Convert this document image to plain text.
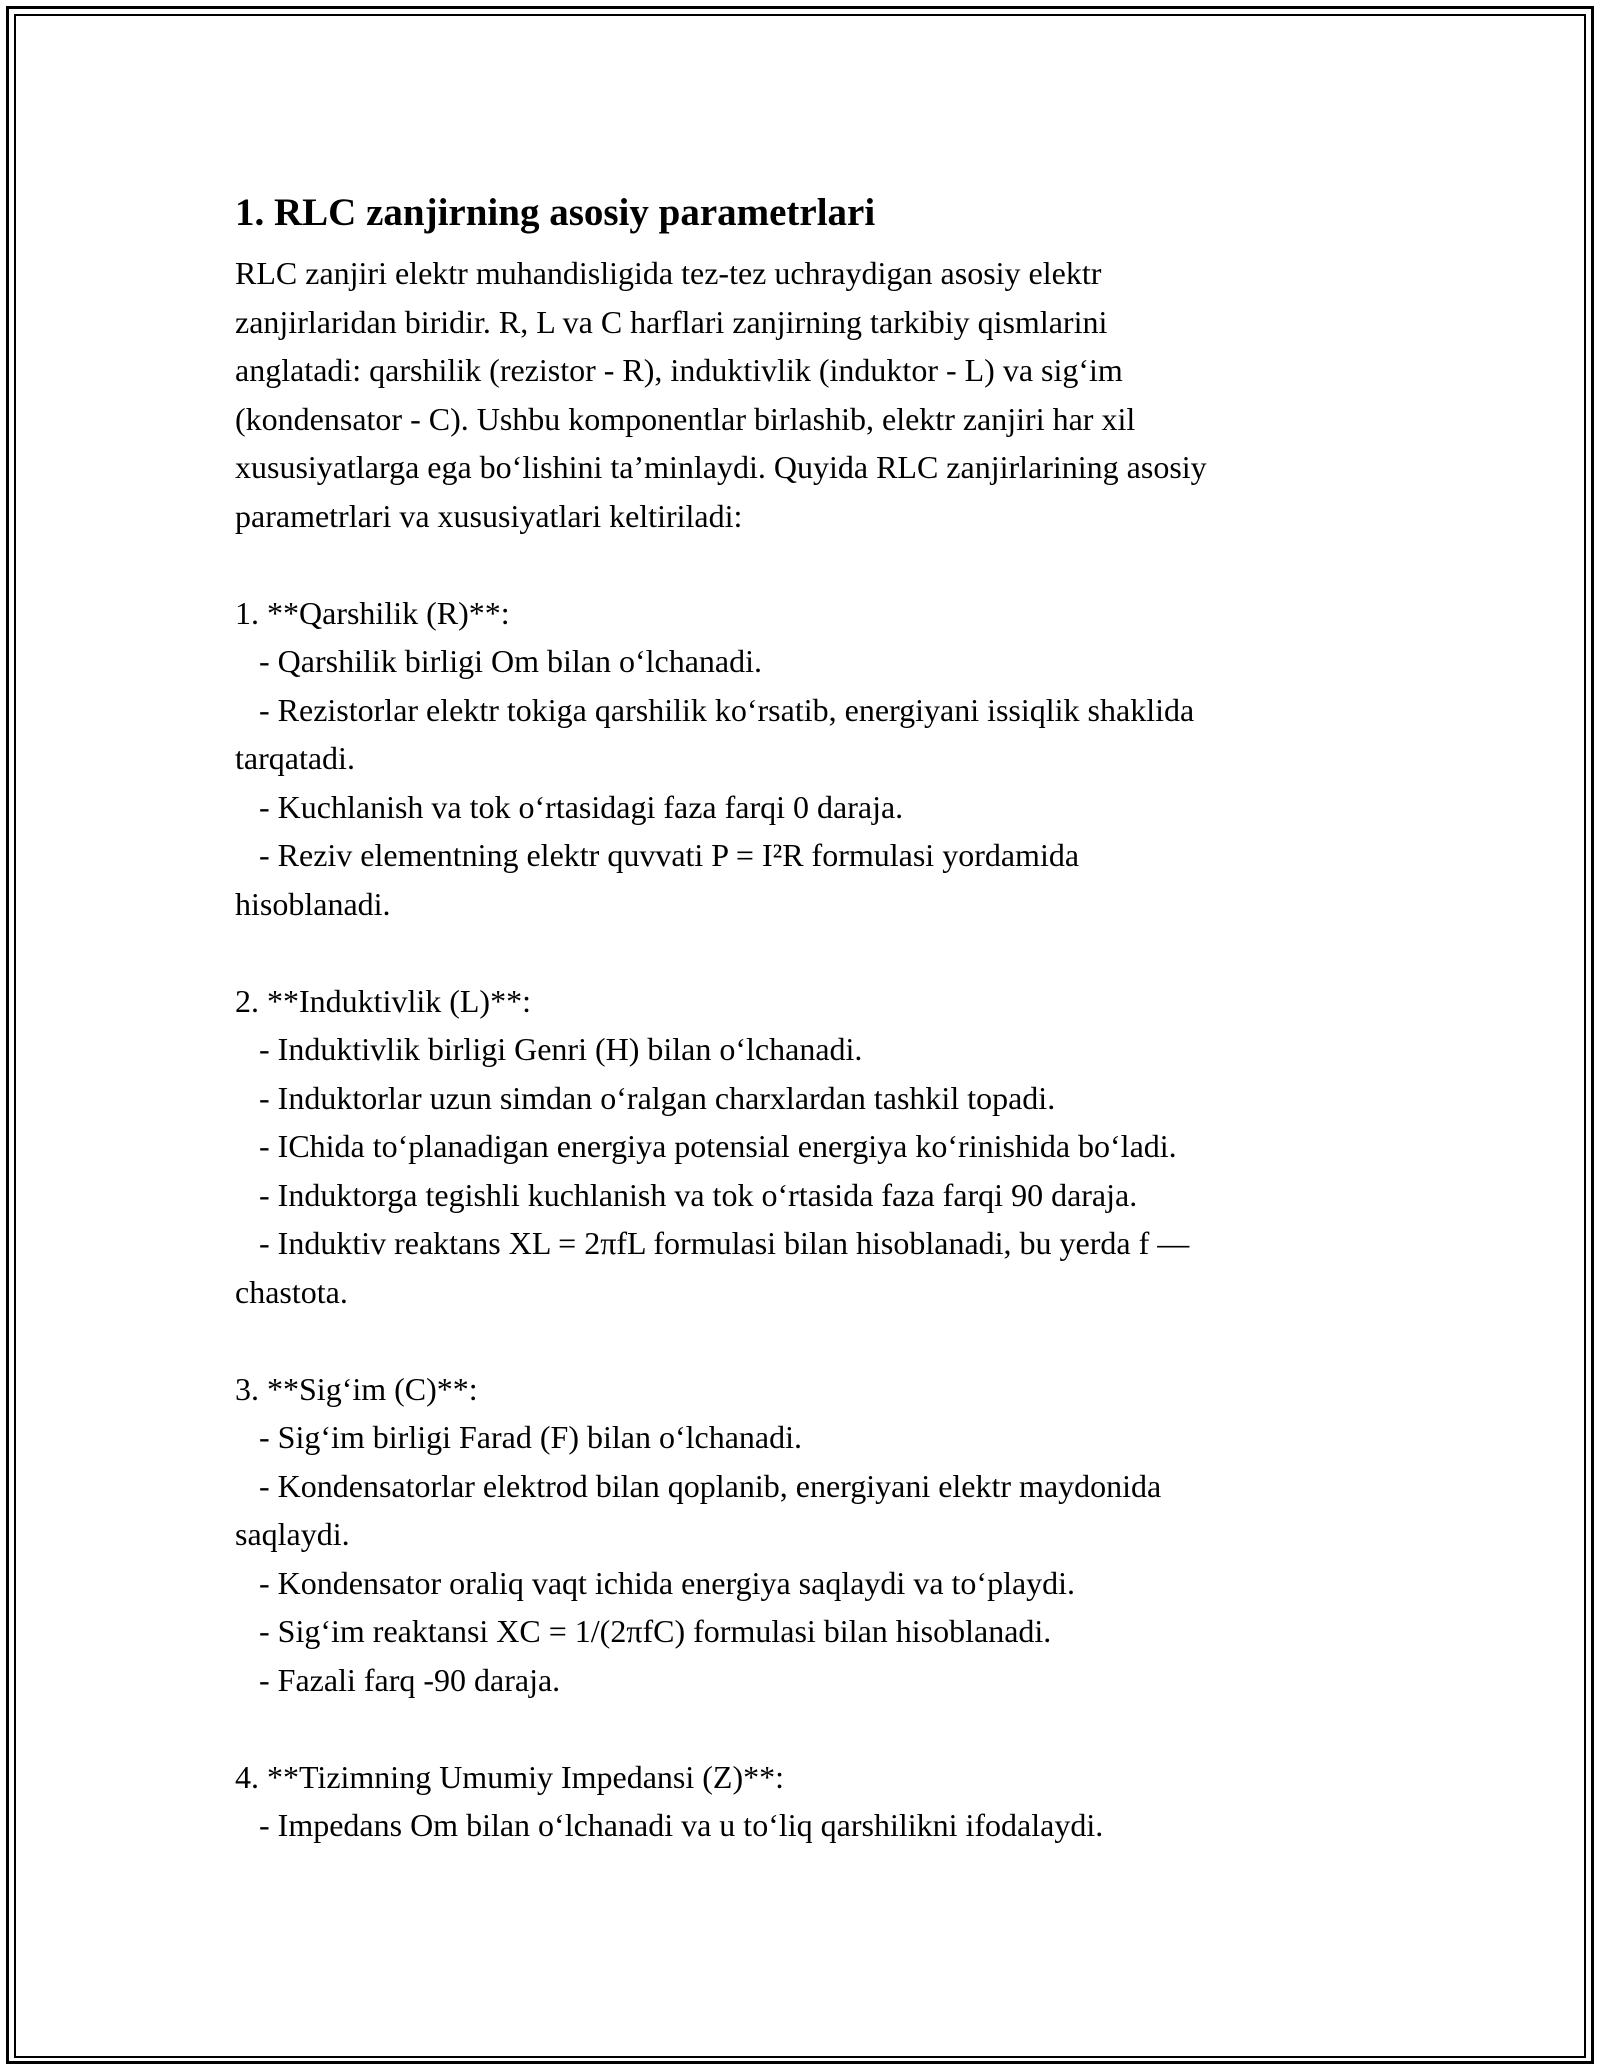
1. RLC zanjirning asosiy parametrlari
RLC zanjiri elektr muhandisligida tez-tez uchraydigan asosiy elektr
zanjirlaridan biridir. R, L va C harflari zanjirning tarkibiy qismlarini
anglatadi: qarshilik (rezistor - R), induktivlik (induktor - L) va sig‘im
(kondensator - C). Ushbu komponentlar birlashib, elektr zanjiri har xil
xususiyatlarga ega bo‘lishini ta’minlaydi. Quyida RLC zanjirlarining asosiy
parametrlari va xususiyatlari keltiriladi:
1. **Qarshilik (R)**:
- Qarshilik birligi Om bilan o‘lchanadi.
- Rezistorlar elektr tokiga qarshilik ko‘rsatib, energiyani issiqlik shaklida
tarqatadi.
- Kuchlanish va tok o‘rtasidagi faza farqi 0 daraja.
- Reziv elementning elektr quvvati P = I²R formulasi yordamida
hisoblanadi.
2. **Induktivlik (L)**:
- Induktivlik birligi Genri (H) bilan o‘lchanadi.
- Induktorlar uzun simdan o‘ralgan charxlardan tashkil topadi.
- IChida to‘planadigan energiya potensial energiya ko‘rinishida bo‘ladi.
- Induktorga tegishli kuchlanish va tok o‘rtasida faza farqi 90 daraja.
- Induktiv reaktans XL = 2πfL formulasi bilan hisoblanadi, bu yerda f —
chastota.
3. **Sig‘im (C)**:
- Sig‘im birligi Farad (F) bilan o‘lchanadi.
- Kondensatorlar elektrod bilan qoplanib, energiyani elektr maydonida
saqlaydi.
- Kondensator oraliq vaqt ichida energiya saqlaydi va to‘playdi.
- Sig‘im reaktansi XC = 1/(2πfC) formulasi bilan hisoblanadi.
- Fazali farq -90 daraja.
4. **Tizimning Umumiy Impedansi (Z)**:
- Impedans Om bilan o‘lchanadi va u to‘liq qarshilikni ifodalaydi.
